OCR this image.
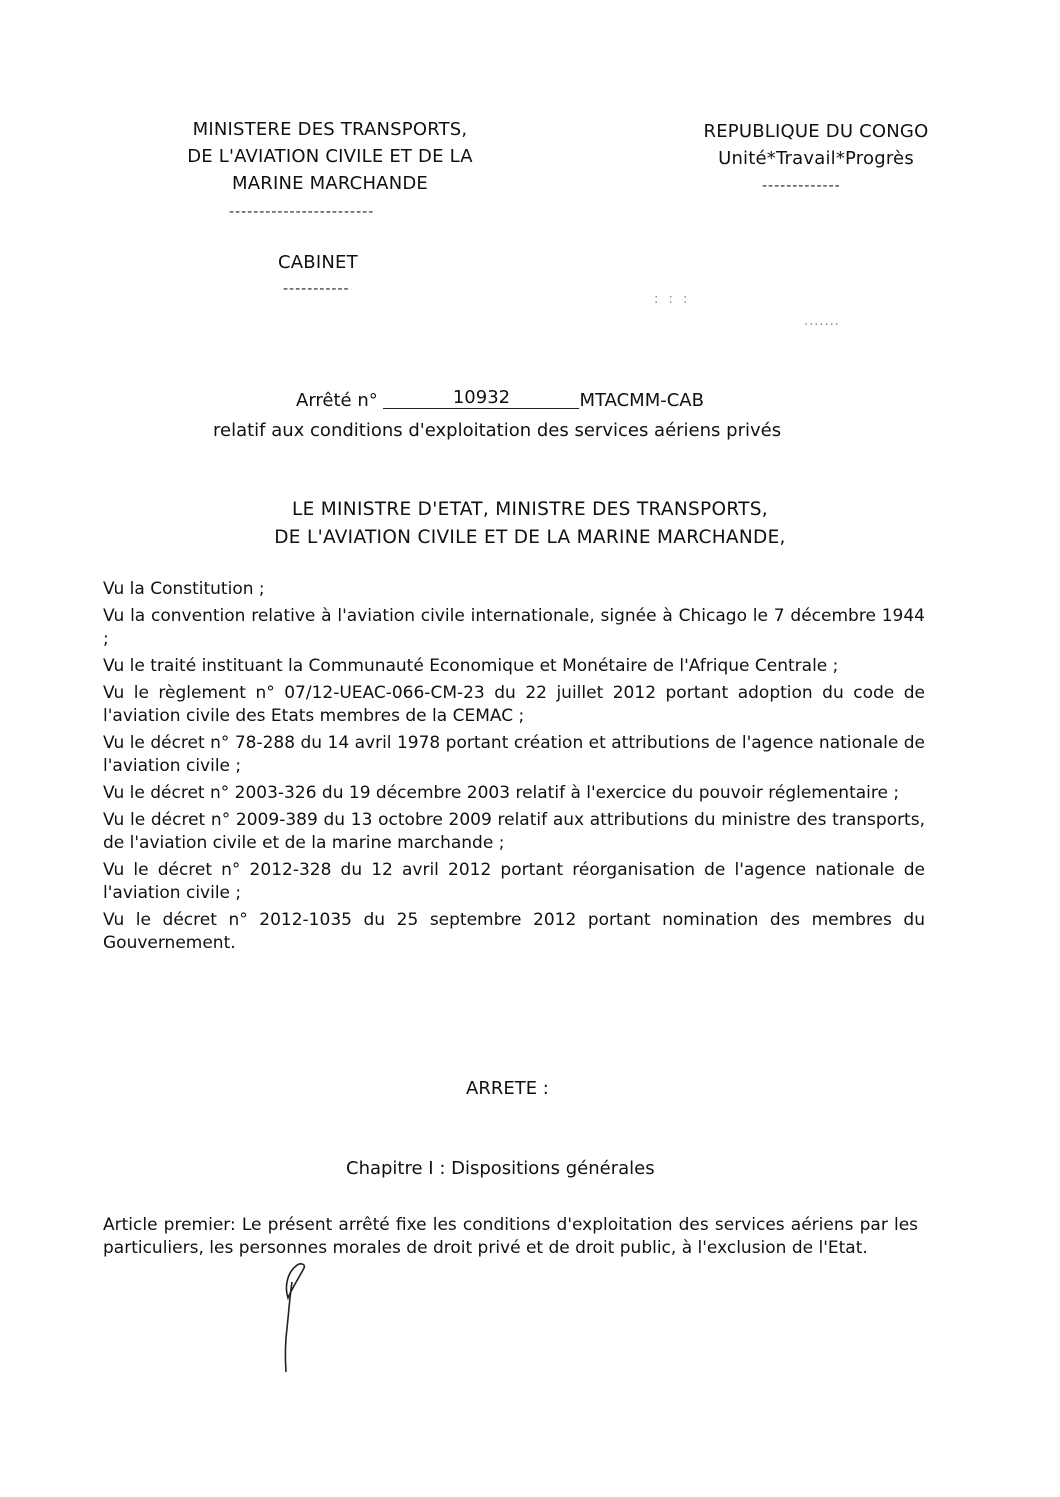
MINISTERE DES TRANSPORTS,
DE L'AVIATION CIVILE ET DE LA
MARINE MARCHANDE
------------------------
CABINET
-----------
REPUBLIQUE DU CONGO
Unité*Travail*Progrès
-------------
: : :
.......
Arrêté n°	10932	MTACMM-CAB
relatif aux conditions d'exploitation des services aériens privés
LE MINISTRE D'ETAT, MINISTRE DES TRANSPORTS,
DE L'AVIATION CIVILE ET DE LA MARINE MARCHANDE,
Vu la Constitution ;
Vu la convention relative à l'aviation civile internationale, signée à Chicago le 7 décembre 1944 ;
Vu le traité instituant la Communauté Economique et Monétaire de l'Afrique Centrale ;
Vu le règlement n° 07/12-UEAC-066-CM-23 du 22 juillet 2012 portant adoption du code de l'aviation civile des Etats membres de la CEMAC ;
Vu le décret n° 78-288 du 14 avril 1978 portant création et attributions de l'agence nationale de l'aviation civile ;
Vu le décret n° 2003-326 du 19 décembre 2003 relatif à l'exercice du pouvoir réglementaire ;
Vu le décret n° 2009-389 du 13 octobre 2009 relatif aux attributions du ministre des transports, de l'aviation civile et de la marine marchande ;
Vu le décret n° 2012-328 du 12 avril 2012 portant réorganisation de l'agence nationale de l'aviation civile ;
Vu le décret n° 2012-1035 du 25 septembre 2012 portant nomination des membres du Gouvernement.
ARRETE :
Chapitre I : Dispositions générales
Article premier: Le présent arrêté fixe les conditions d'exploitation des services aériens par les particuliers, les personnes morales de droit privé et de droit public, à l'exclusion de l'Etat.
